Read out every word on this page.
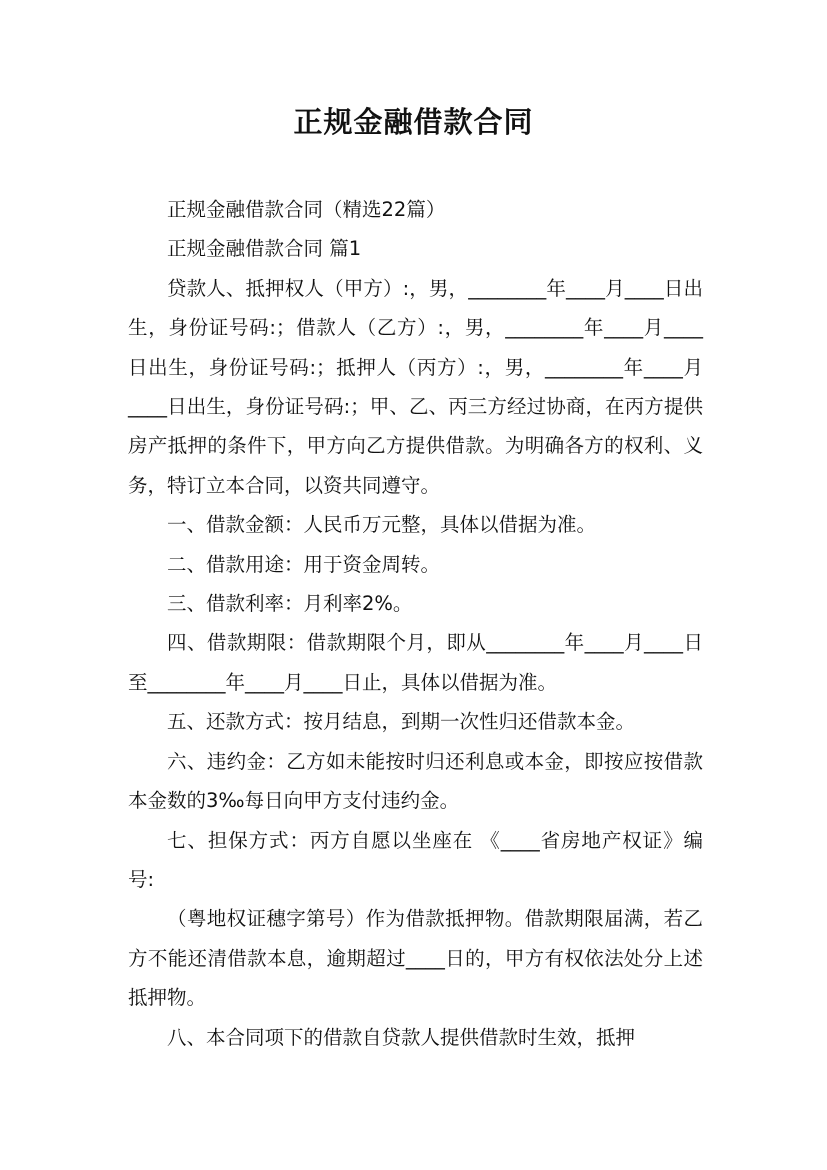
正规金融借款合同

正规金融借款合同（精选22篇）

正规金融借款合同 篇1

贷款人、抵押权人（甲方）:，男，________年____月____日出生，身份证号码:；借款人（乙方）:，男，________年____月____日出生，身份证号码:；抵押人（丙方）:，男，________年____月____日出生，身份证号码:；甲、乙、丙三方经过协商，在丙方提供房产抵押的条件下，甲方向乙方提供借款。为明确各方的权利、义务，特订立本合同，以资共同遵守。

一、借款金额：人民币万元整，具体以借据为准。

二、借款用途：用于资金周转。

三、借款利率：月利率2%。

四、借款期限：借款期限个月，即从________年____月____日至________年____月____日止，具体以借据为准。

五、还款方式：按月结息，到期一次性归还借款本金。

六、违约金：乙方如未能按时归还利息或本金，即按应按借款本金数的3‰每日向甲方支付违约金。

七、担保方式：丙方自愿以坐座在 《____省房地产权证》编号:

（粤地权证穗字第号）作为借款抵押物。借款期限届满，若乙方不能还清借款本息，逾期超过____日的，甲方有权依法处分上述抵押物。

八、本合同项下的借款自贷款人提供借款时生效，抵押
